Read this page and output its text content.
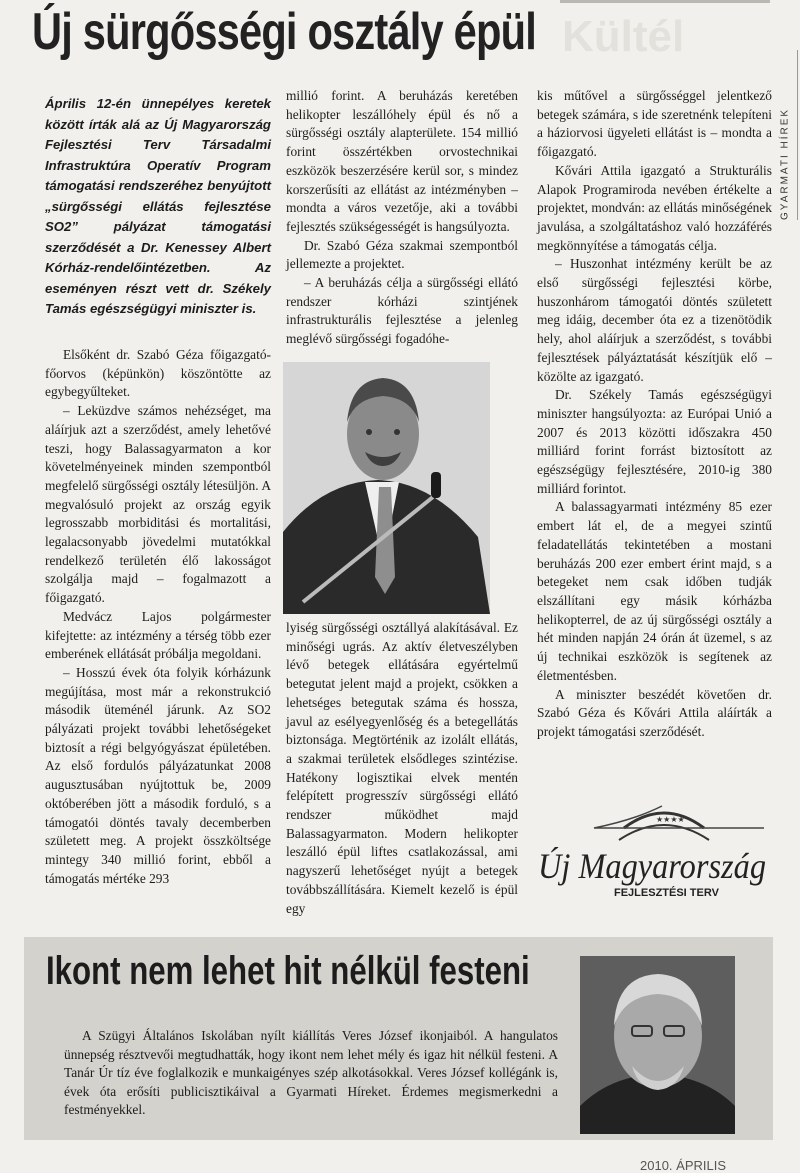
Kültél
Új sürgősségi osztály épül
GYARMATI HÍREK

Április 12-én ünnepélyes keretek között írták alá az Új Magyarország Fejlesztési Terv Társadalmi Infrastruktúra Operatív Program támogatási rendszeréhez benyújtott „sürgősségi ellátás fejlesztése SO2” pályázat támogatási szerződését a Dr. Kenessey Albert Kórház-rendelőintézetben. Az eseményen részt vett dr. Székely Tamás egészségügyi miniszter is.

Elsőként dr. Szabó Géza főigazgató-főorvos (képünkön) köszöntötte az egybegyűlteket.

– Leküzdve számos nehézséget, ma aláírjuk azt a szerződést, amely lehetővé teszi, hogy Balassagyarmaton a kor követelményeinek minden szempontból megfelelő sürgősségi osztály létesüljön. A megvalósuló projekt az ország egyik legrosszabb morbiditási és mortalitási, legalacsonyabb jövedelmi mutatókkal rendelkező területén élő lakosságot szolgálja majd – fogalmazott a főigazgató.

Medvácz Lajos polgármester kifejtette: az intézmény a térség több ezer emberének ellátását próbálja megoldani.

– Hosszú évek óta folyik kórházunk megújítása, most már a rekonstrukció második üteménél járunk. Az SO2 pályázati projekt további lehetőségeket biztosít a régi belgyógyászat épületében. Az első fordulós pályázatunkat 2008 augusztusában nyújtottuk be, 2009 októberében jött a második forduló, s a támogatói döntés tavaly decemberben született meg. A projekt összköltsége mintegy 340 millió forint, ebből a támogatás mértéke 293

millió forint. A beruházás keretében helikopter leszállóhely épül és nő a sürgősségi osztály alapterülete. 154 millió forint összértékben orvostechnikai eszközök beszerzésére kerül sor, s mindez korszerűsíti az ellátást az intézményben – mondta a város vezetője, aki a további fejlesztés szükségességét is hangsúlyozta.

Dr. Szabó Géza szakmai szempontból jellemezte a projektet.

– A beruházás célja a sürgősségi ellátó rendszer kórházi szintjének infrastrukturális fejlesztése a jelenleg meglévő sürgősségi fogadóhe-

lyiség sürgősségi osztállyá alakításával. Ez minőségi ugrás. Az aktív életveszélyben lévő betegek ellátására egyértelmű betegutat jelent majd a projekt, csökken a lehetséges betegutak száma és hossza, javul az esélyegyenlőség és a betegellátás biztonsága. Megtörténik az izolált ellátás, a szakmai területek elsődleges szintézise. Hatékony logisztikai elvek mentén felépített progresszív sürgősségi ellátó rendszer működhet majd Balassagyarmaton. Modern helikopter leszálló épül liftes csatlakozással, ami nagyszerű lehetőséget nyújt a betegek továbbszállítására. Kiemelt kezelő is épül egy

kis műtővel a sürgősséggel jelentkező betegek számára, s ide szeretnénk telepíteni a háziorvosi ügyeleti ellátást is – mondta a főigazgató.

Kővári Attila igazgató a Strukturális Alapok Programiroda nevében értékelte a projektet, mondván: az ellátás minőségének javulása, a szolgáltatáshoz való hozzáférés megkönnyítése a támogatás célja.

– Huszonhat intézmény került be az első sürgősségi fejlesztési körbe, huszonhárom támogatói döntés született meg idáig, december óta ez a tizenötödik hely, ahol aláírjuk a szerződést, s további fejlesztések pályáztatását készítjük elő – közölte az igazgató.

Dr. Székely Tamás egészségügyi miniszter hangsúlyozta: az Európai Unió a 2007 és 2013 közötti időszakra 450 milliárd forint forrást biztosított az egészségügy fejlesztésére, 2010-ig 380 milliárd forintot.

A balassagyarmati intézmény 85 ezer embert lát el, de a megyei szintű feladatellátás tekintetében a mostani beruházás 200 ezer embert érint majd, s a betegeket nem csak időben tudják elszállítani egy másik kórházba helikopterrel, de az új sürgősségi osztály a hét minden napján 24 órán át üzemel, s az új technikai eszközök is segítenek az életmentésben.

A miniszter beszédét követően dr. Szabó Géza és Kővári Attila aláírták a projekt támogatási szerződését.

★★★★
Új Magyarország
FEJLESZTÉSI TERV
Ikont nem lehet hit nélkül festeni

A Szügyi Általános Iskolában nyílt kiállítás Veres József ikonjaiból. A hangulatos ünnepség résztvevői megtudhatták, hogy ikont nem lehet mély és igaz hit nélkül festeni. A Tanár Úr tíz éve foglalkozik e munkaigényes szép alkotásokkal. Veres József kollégánk is, évek óta erősíti publicisztikáival a Gyarmati Híreket. Érdemes megismerkedni a festményekkel.

2010. ÁPRILIS
